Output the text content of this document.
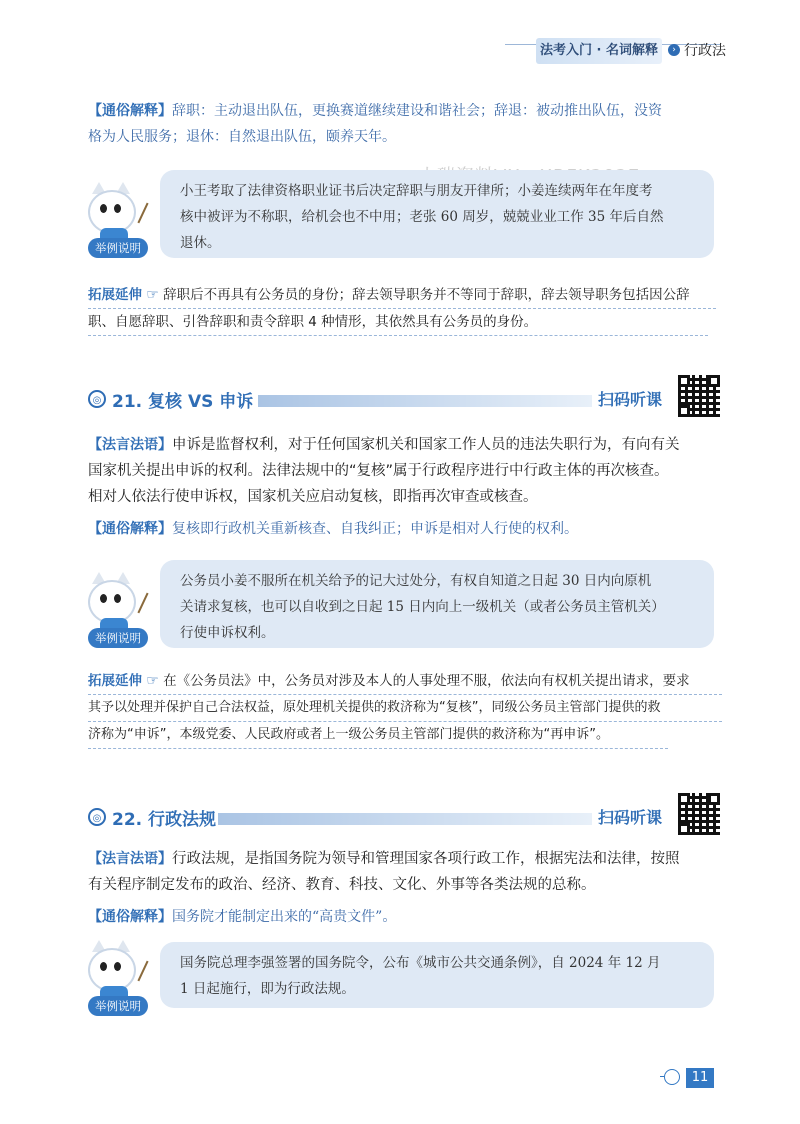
法考入门 · 名词解释	› 行政法
【通俗解释】辞职：主动退出队伍，更换赛道继续建设和谐社会；辞退：被动推出队伍，没资
格为人民服务；退休：自然退出队伍，颐养天年。
小王考取了法律资格职业证书后决定辞职与朋友开律所；小姜连续两年在年度考
核中被评为不称职，给机会也不中用；老张 60 周岁，兢兢业业工作 35 年后自然
退休。
举例说明
拓展延伸 ☞ 辞职后不再具有公务员的身份；辞去领导职务并不等同于辞职，辞去领导职务包括因公辞
职、自愿辞职、引咎辞职和责令辞职 4 种情形，其依然具有公务员的身份。
◎ 21. 复核 VS 申诉	扫码听课
【法言法语】申诉是监督权利，对于任何国家机关和国家工作人员的违法失职行为，有向有关
国家机关提出申诉的权利。法律法规中的“复核”属于行政程序进行中行政主体的再次核查。
相对人依法行使申诉权，国家机关应启动复核，即指再次审查或核查。
【通俗解释】复核即行政机关重新核查、自我纠正；申诉是相对人行使的权利。
公务员小姜不服所在机关给予的记大过处分，有权自知道之日起 30 日内向原机
关请求复核，也可以自收到之日起 15 日内向上一级机关（或者公务员主管机关）
行使申诉权利。
举例说明
拓展延伸 ☞ 在《公务员法》中，公务员对涉及本人的人事处理不服，依法向有权机关提出请求，要求
其予以处理并保护自己合法权益，原处理机关提供的救济称为“复核”，同级公务员主管部门提供的救
济称为“申诉”，本级党委、人民政府或者上一级公务员主管部门提供的救济称为“再申诉”。
◎ 22. 行政法规	扫码听课
【法言法语】行政法规，是指国务院为领导和管理国家各项行政工作，根据宪法和法律，按照
有关程序制定发布的政治、经济、教育、科技、文化、外事等各类法规的总称。
【通俗解释】国务院才能制定出来的“高贵文件”。
国务院总理李强签署的国务院令，公布《城市公共交通条例》，自 2024 年 12 月
1 日起施行，即为行政法规。
举例说明
11
